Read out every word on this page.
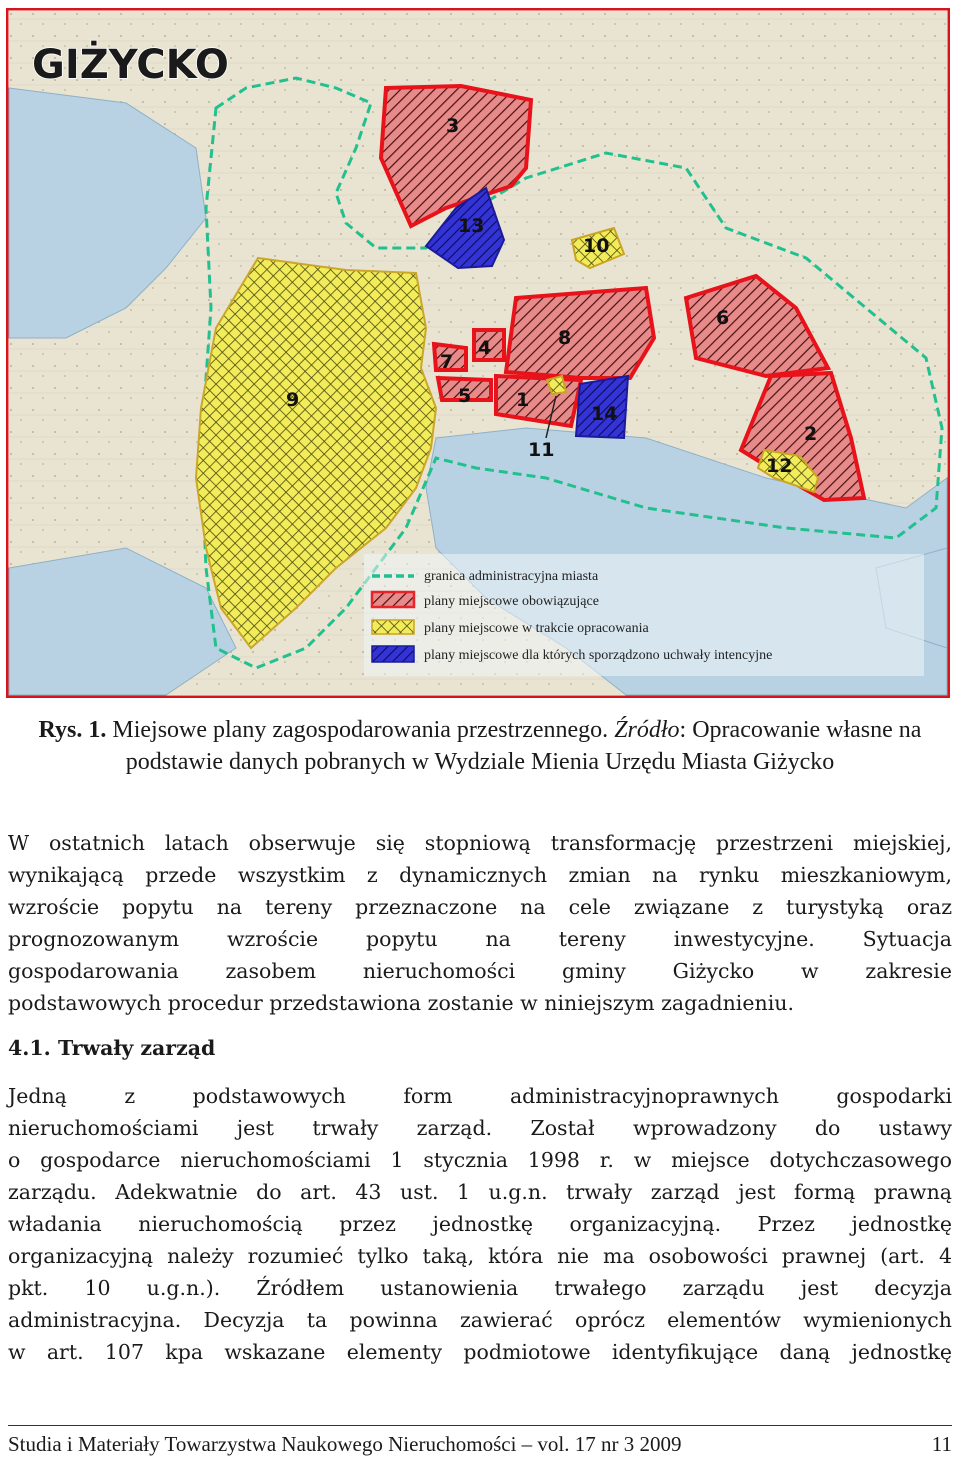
GIŻYCKO
3
13
10
6
8
4
7
9	5 1
14
2
11
12
granica administracyjna miasta
plany miejscowe obowiązujące
plany miejscowe w trakcie opracowania
plany miejscowe dla których sporządzono uchwały intencyjne
Rys. 1. Miejsowe plany zagospodarowania przestrzennego. Źródło: Opracowanie własne na podstawie danych pobranych w Wydziale Mienia Urzędu Miasta Giżycko
W ostatnich latach obserwuje się stopniową transformację przestrzeni miejskiej,
wynikającą przede wszystkim z dynamicznych zmian na rynku mieszkaniowym,
wzroście popytu na tereny przeznaczone na cele związane z turystyką oraz
prognozowanym wzroście popytu na tereny inwestycyjne. Sytuacja
gospodarowania zasobem nieruchomości gminy Giżycko w zakresie
podstawowych procedur przedstawiona zostanie w niniejszym zagadnieniu.
4.1. Trwały zarząd
Jedną z podstawowych form administracyjnoprawnych gospodarki
nieruchomościami jest trwały zarząd. Został wprowadzony do ustawy
o gospodarce nieruchomościami 1 stycznia 1998 r. w miejsce dotychczasowego
zarządu. Adekwatnie do art. 43 ust. 1 u.g.n. trwały zarząd jest formą prawną
władania nieruchomością przez jednostkę organizacyjną. Przez jednostkę
organizacyjną należy rozumieć tylko taką, która nie ma osobowości prawnej (art. 4
pkt. 10 u.g.n.). Źródłem ustanowienia trwałego zarządu jest decyzja
administracyjna. Decyzja ta powinna zawierać oprócz elementów wymienionych
w art. 107 kpa wskazane elementy podmiotowe identyfikujące daną jednostkę
Studia i Materiały Towarzystwa Naukowego Nieruchomości – vol. 17 nr 3 2009	11
